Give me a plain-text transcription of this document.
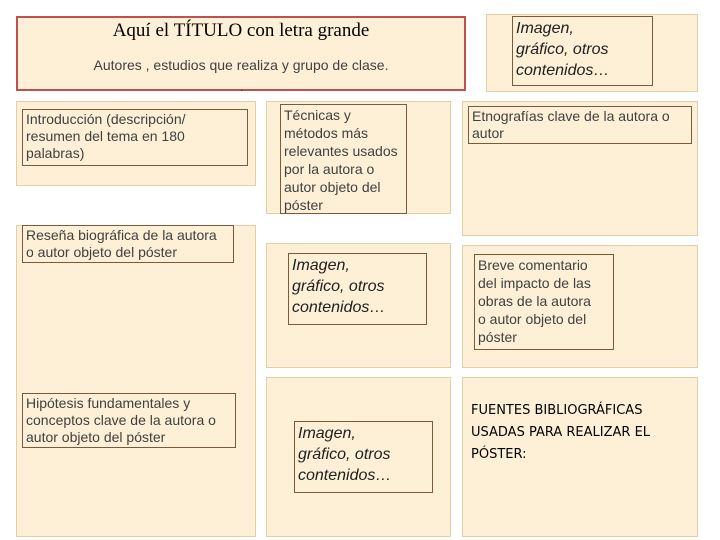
Aquí el TÍTULO con letra grande
Autores , estudios que realiza y grupo de clase.
.
Imagen,
gráfico, otros
contenidos…
Introducción (descripción/
resumen del tema en 180
palabras)
Técnicas y
métodos más
relevantes usados
por la autora o
autor objeto del
póster
Etnografías clave de la autora o
autor
Reseña biográfica de la autora
o autor objeto del póster
Imagen,
gráfico, otros
contenidos…
Breve comentario
del impacto de las
obras de la autora
o autor objeto del
póster
Hipótesis fundamentales y
conceptos clave de la autora o
autor objeto del póster	Imagen,
gráfico, otros
contenidos…
FUENTES BIBLIOGRÁFICAS
USADAS PARA REALIZAR EL
PÓSTER:
